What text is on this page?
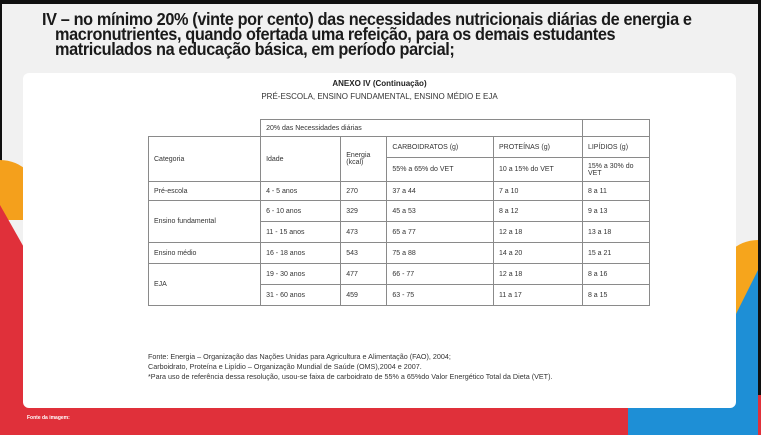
IV – no mínimo 20% (vinte por cento) das necessidades nutricionais diárias de energia e
macronutrientes, quando ofertada uma refeição, para os demais estudantes
matriculados na educação básica, em período parcial;
ANEXO IV (Continuação)
PRÉ-ESCOLA, ENSINO FUNDAMENTAL, ENSINO MÉDIO E EJA
	20% das Necessidades diárias				
Categoria	Idade	Energia (kcal)	CARBOIDRATOS (g)	PROTEÍNAS (g)	LIPÍDIOS (g)
			55% a 65% do VET	10 a 15% do VET	15% a 30% do VET
Pré-escola	4 - 5 anos	270	37 a 44	7 a 10	8 a 11
Ensino fundamental	6 - 10 anos	329	45 a 53	8 a 12	9 a 13
	11 - 15 anos	473	65 a 77	12 a 18	13 a 18
Ensino médio	16 - 18 anos	543	75 a 88	14 a 20	15 a 21
EJA	19 - 30 anos	477	66 - 77	12 a 18	8 a 16
	31 - 60 anos	459	63 - 75	11 a 17	8 a 15
Fonte: Energia – Organização das Nações Unidas para Agricultura e Alimentação (FAO), 2004;
Carboidrato, Proteína e Lipídio – Organização Mundial de Saúde (OMS),2004 e 2007.
*Para uso de referência dessa resolução, usou-se faixa de carboidrato de 55% a 65%do Valor Energético Total da Dieta (VET).
Fonte da imagem:
